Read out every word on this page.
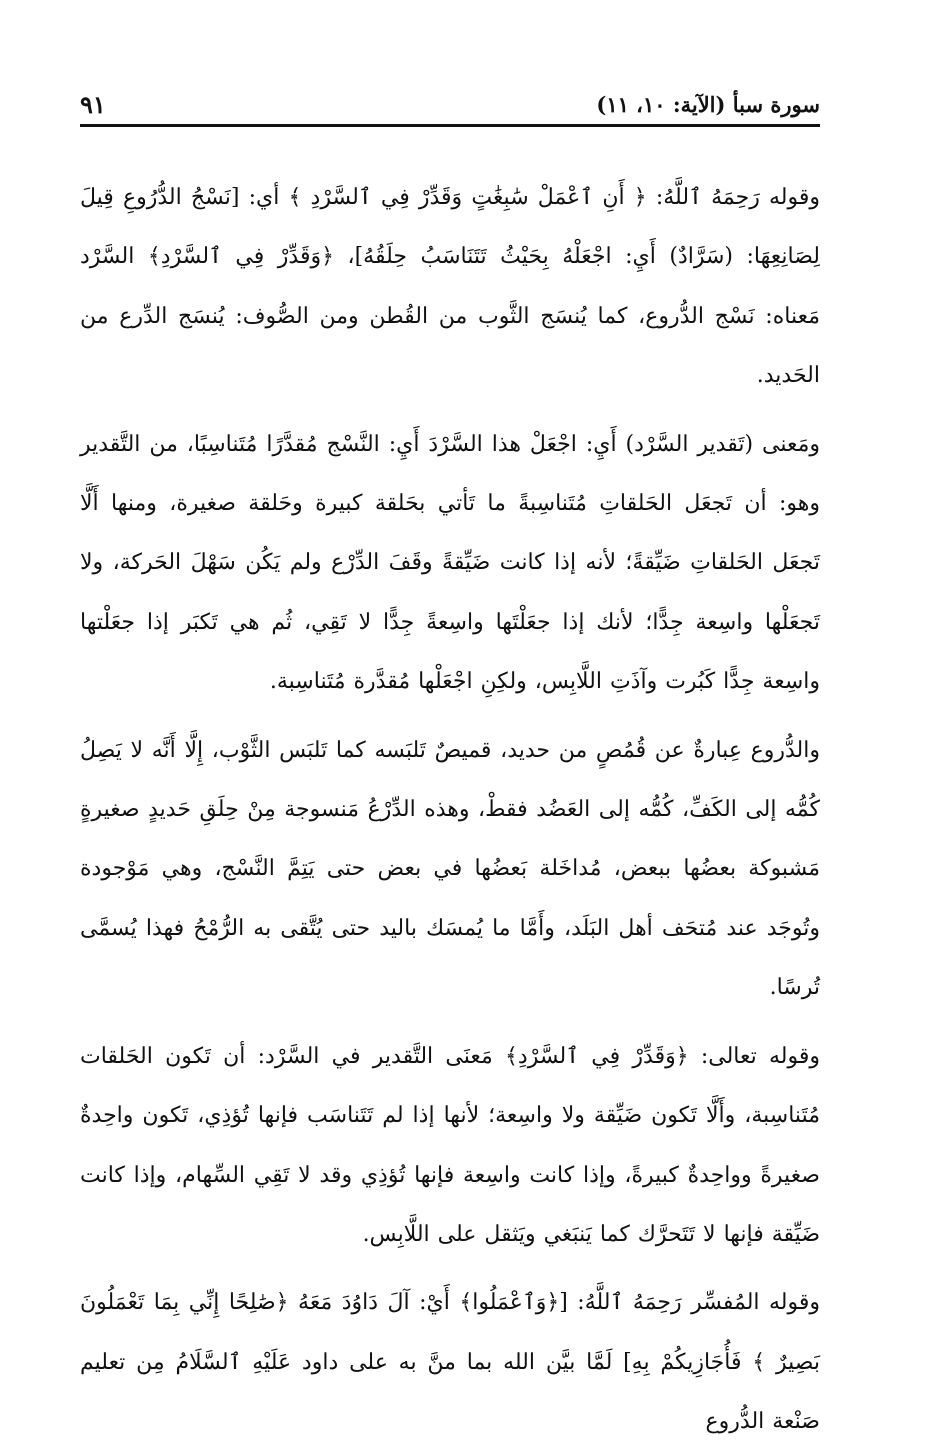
سورة سبأ (الآية: ١٠، ١١)
٩١

وقوله رَحِمَهُ ٱللَّهُ: ﴿ أَنِ ٱعْمَلْ سَٰبِغَٰتٍ وَقَدِّرْ فِي ٱلسَّرْدِ ﴾ أي: [نَسْجُ الدُّرُوعِ قِيلَ لِصَانِعِهَا: (سَرَّادٌ) أَيِ: اجْعَلْهُ بِحَيْثُ تَتَنَاسَبُ حِلَقُهُ]، ﴿وَقَدِّرْ فِي ٱلسَّرْدِ﴾ السَّرْد مَعناه: نَسْج الدُّروع، كما يُنسَج الثَّوب من القُطن ومن الصُّوف: يُنسَج الدِّرع من الحَديد.

ومَعنى (تَقدير السَّرْد) أَيِ: اجْعَلْ هذا السَّرْدَ أَيِ: النَّسْج مُقدَّرًا مُتَناسِبًا، من التَّقدير وهو: أن تَجعَل الحَلقاتِ مُتَناسِبةً ما تَأتي بحَلقة كبيرة وحَلقة صغيرة، ومنها أَلَّا تَجعَل الحَلقاتِ ضَيِّقةً؛ لأنه إذا كانت ضَيِّقةً وقَفَ الدِّرْع ولم يَكُن سَهْلَ الحَركة، ولا تَجعَلْها واسِعة جِدًّا؛ لأنك إذا جعَلْتَها واسِعةً جِدًّا لا تَقِي، ثُم هي تَكبَر إذا جعَلْتها واسِعة جِدًّا كَبُرت وآذَتِ اللَّابِس، ولكِنِ اجْعَلْها مُقدَّرة مُتَناسِبة.

والدُّروع عِبارةٌ عن قُمُصٍ من حديد، قميصٌ تَلبَسه كما تَلبَس الثَّوْب، إِلَّا أَنَّه لا يَصِلُ كُمُّه إلى الكَفِّ، كُمُّه إلى العَضُد فقطْ، وهذه الدِّرْعُ مَنسوجة مِنْ حِلَقِ حَديدٍ صغيرةٍ مَشبوكة بعضُها ببعض، مُداخَلة بَعضُها في بعض حتى يَتِمَّ النَّسْج، وهي مَوْجودة وتُوجَد عند مُتحَف أهل البَلَد، وأَمَّا ما يُمسَك باليد حتى يُتَّقى به الرُّمْحُ فهذا يُسمَّى تُرسًا.

وقوله تعالى: ﴿وَقَدِّرْ فِي ٱلسَّرْدِ﴾ مَعنَى التَّقدير في السَّرْد: أن تَكون الحَلقات مُتَناسِبة، وأَلَّا تَكون ضَيِّقة ولا واسِعة؛ لأنها إذا لم تَتَناسَب فإنها تُؤذِي، تَكون واحِدةٌ صغيرةً وواحِدةٌ كبيرةً، وإذا كانت واسِعة فإنها تُؤذِي وقد لا تَقِي السِّهام، وإذا كانت ضَيِّقة فإنها لا تَتَحرَّك كما يَنبَغي ويَثقل على اللَّابِس.

وقوله المُفسِّر رَحِمَهُ ٱللَّهُ: [﴿وَٱعْمَلُوا﴾ أَيْ: آلَ دَاوُدَ مَعَهُ ﴿صَٰلِحًا إِنِّي بِمَا تَعْمَلُونَ بَصِيرٌ ﴾ فَأُجَازِيكُمْ بِهِ] لَمَّا بيَّن الله بما منَّ به على داود عَلَيْهِ ٱلسَّلَامُ مِن تعليم صَنْعة الدُّروع
